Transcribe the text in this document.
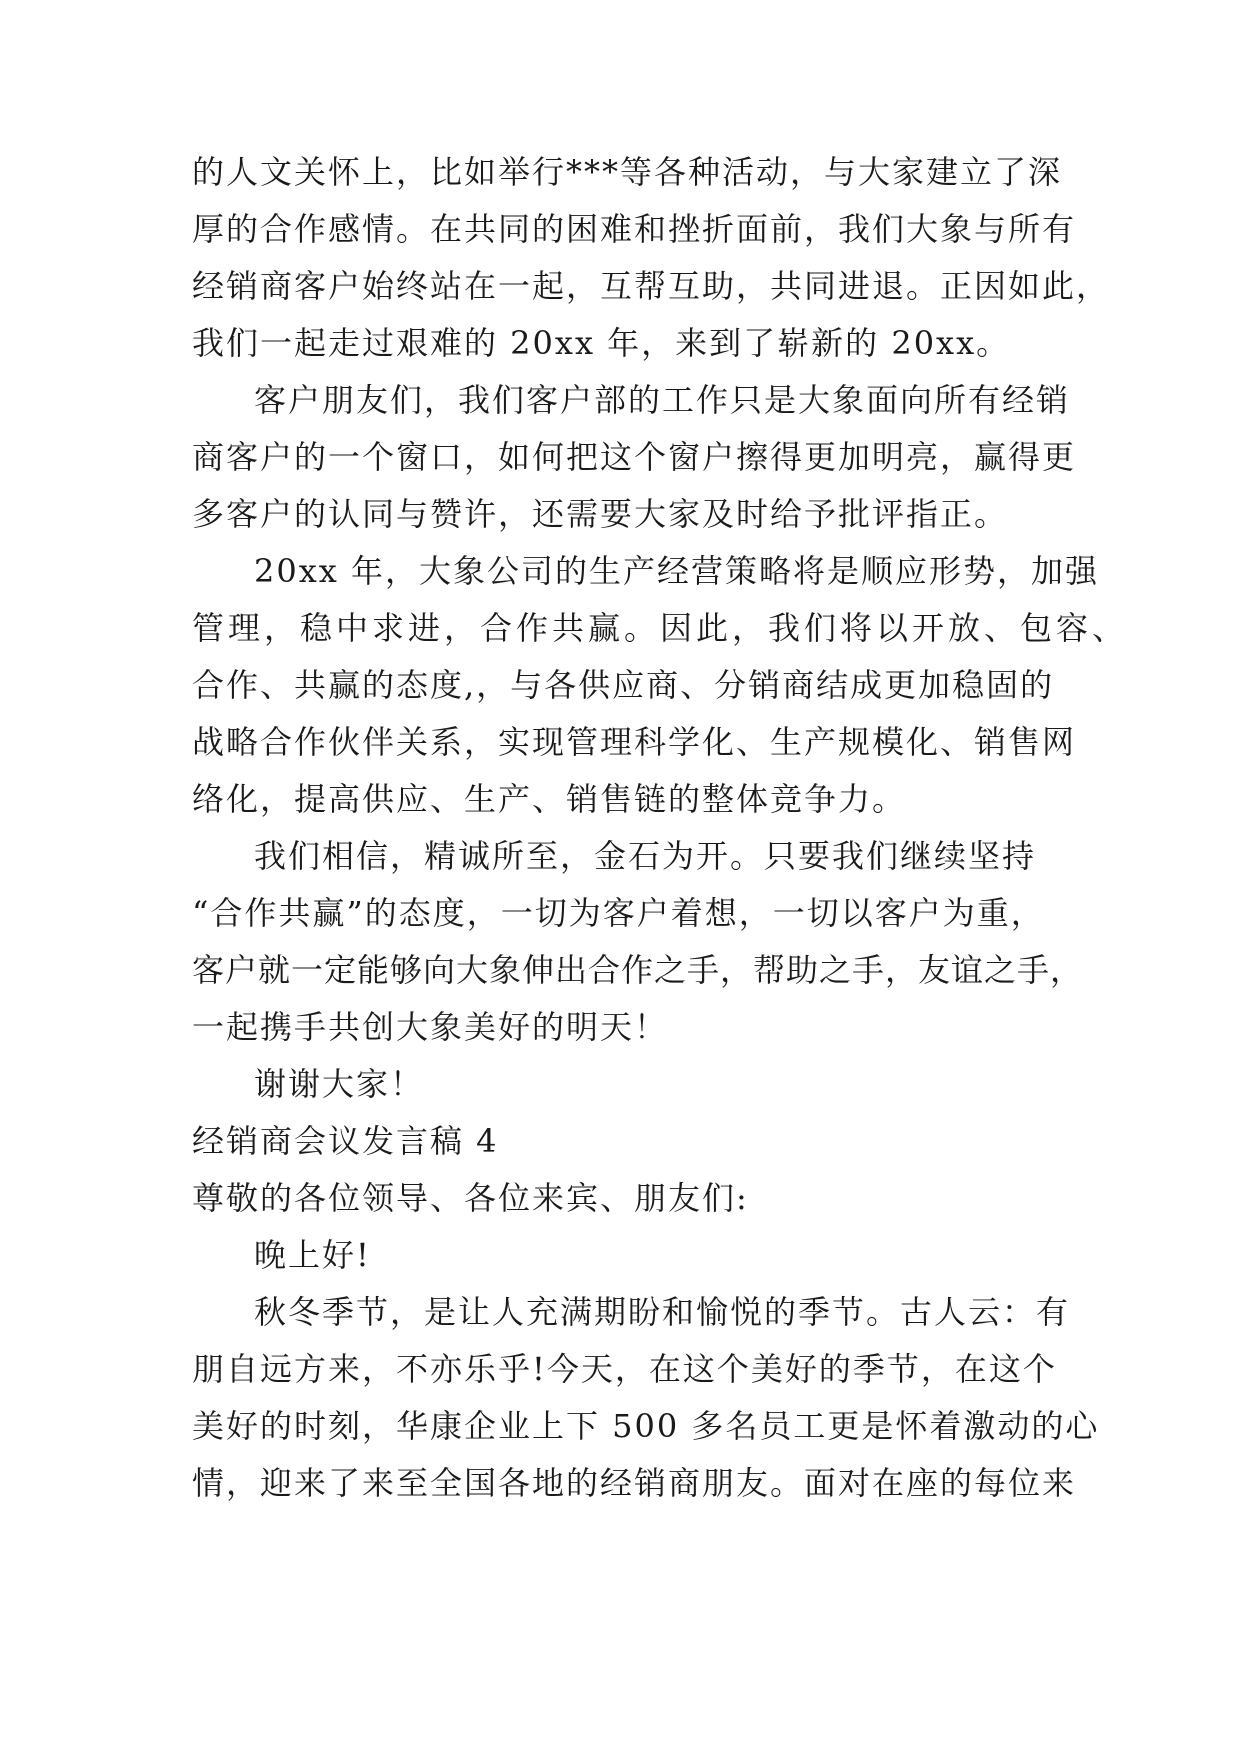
的人文关怀上，比如举行***等各种活动，与大家建立了深
厚的合作感情。在共同的困难和挫折面前，我们大象与所有
经销商客户始终站在一起，互帮互助，共同进退。正因如此，
我们一起走过艰难的 20xx 年，来到了崭新的 20xx。
客户朋友们，我们客户部的工作只是大象面向所有经销
商客户的一个窗口，如何把这个窗户擦得更加明亮，赢得更
多客户的认同与赞许，还需要大家及时给予批评指正。
20xx 年，大象公司的生产经营策略将是顺应形势，加强
管理，稳中求进，合作共赢。因此，我们将以开放、包容、
合作、共赢的态度,，与各供应商、分销商结成更加稳固的
战略合作伙伴关系，实现管理科学化、生产规模化、销售网
络化，提高供应、生产、销售链的整体竞争力。
我们相信，精诚所至，金石为开。只要我们继续坚持
“合作共赢”的态度，一切为客户着想，一切以客户为重，
客户就一定能够向大象伸出合作之手，帮助之手，友谊之手，
一起携手共创大象美好的明天！
谢谢大家！
经销商会议发言稿 4
尊敬的各位领导、各位来宾、朋友们:
晚上好!
秋冬季节，是让人充满期盼和愉悦的季节。古人云：有
朋自远方来，不亦乐乎!今天，在这个美好的季节，在这个
美好的时刻，华康企业上下 500 多名员工更是怀着激动的心
情，迎来了来至全国各地的经销商朋友。面对在座的每位来
